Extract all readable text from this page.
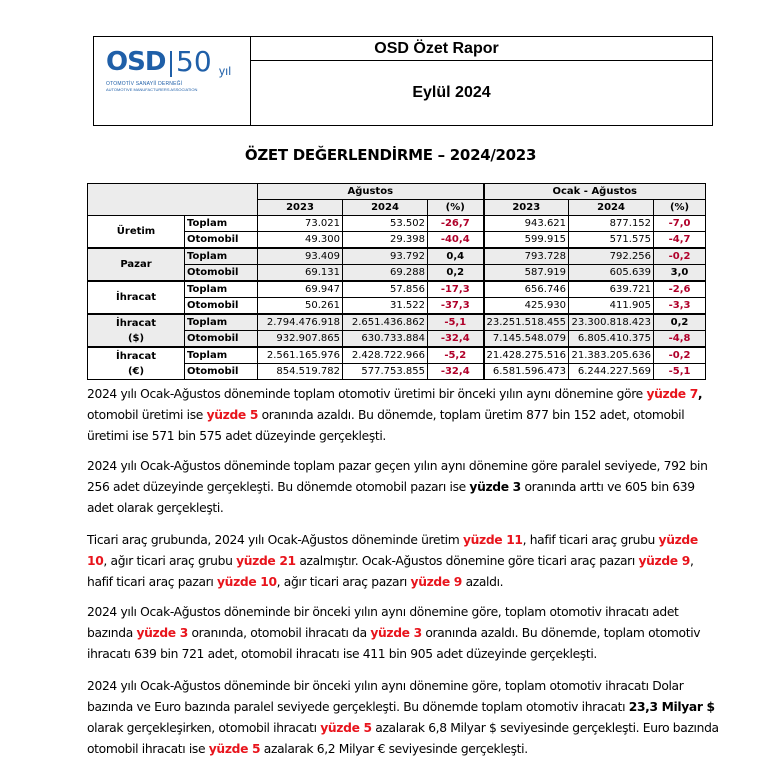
OSD 50 yıl
OTOMOTİV SANAYİİ DERNEĞİ
AUTOMOTIVE MANUFACTURERS ASSOCIATION
OSD Özet Rapor
Eylül 2024
ÖZET DEĞERLENDİRME – 2024/2023
		Ağustos			Ocak - Ağustos		
		2023	2024	(%)	2023	2024	(%)

Üretim	Toplam	73.021	53.502	-26,7	943.621	877.152	-7,0
	Otomobil	49.300	29.398	-40,4	599.915	571.575	-4,7

Pazar	Toplam	93.409	93.792	0,4	793.728	792.256	-0,2
	Otomobil	69.131	69.288	0,2	587.919	605.639	3,0

İhracat	Toplam	69.947	57.856	-17,3	656.746	639.721	-2,6
	Otomobil	50.261	31.522	-37,3	425.930	411.905	-3,3

İhracat
($)	Toplam	2.794.476.918	2.651.436.862	-5,1	23.251.518.455	23.300.818.423	0,2
	Otomobil	932.907.865	630.733.884	-32,4	7.145.548.079	6.805.410.375	-4,8

İhracat
(€)	Toplam	2.561.165.976	2.428.722.966	-5,2	21.428.275.516	21.383.205.636	-0,2
	Otomobil	854.519.782	577.753.855	-32,4	6.581.596.473	6.244.227.569	-5,1
2024 yılı Ocak-Ağustos döneminde toplam otomotiv üretimi bir önceki yılın aynı dönemine göre yüzde 7, otomobil üretimi ise yüzde 5 oranında azaldı. Bu dönemde, toplam üretim 877 bin 152 adet, otomobil üretimi ise 571 bin 575 adet düzeyinde gerçekleşti.
2024 yılı Ocak-Ağustos döneminde toplam pazar geçen yılın aynı dönemine göre paralel seviyede, 792 bin 256 adet düzeyinde gerçekleşti. Bu dönemde otomobil pazarı ise yüzde 3 oranında arttı ve 605 bin 639 adet olarak gerçekleşti.
Ticari araç grubunda, 2024 yılı Ocak-Ağustos döneminde üretim yüzde 11, hafif ticari araç grubu yüzde 10, ağır ticari araç grubu yüzde 21 azalmıştır. Ocak-Ağustos dönemine göre ticari araç pazarı yüzde 9, hafif ticari araç pazarı yüzde 10, ağır ticari araç pazarı yüzde 9 azaldı.
2024 yılı Ocak-Ağustos döneminde bir önceki yılın aynı dönemine göre, toplam otomotiv ihracatı adet bazında yüzde 3 oranında, otomobil ihracatı da yüzde 3 oranında azaldı. Bu dönemde, toplam otomotiv ihracatı 639 bin 721 adet, otomobil ihracatı ise 411 bin 905 adet düzeyinde gerçekleşti.
2024 yılı Ocak-Ağustos döneminde bir önceki yılın aynı dönemine göre, toplam otomotiv ihracatı Dolar bazında ve Euro bazında paralel seviyede gerçekleşti. Bu dönemde toplam otomotiv ihracatı 23,3 Milyar $ olarak gerçekleşirken, otomobil ihracatı yüzde 5 azalarak 6,8 Milyar $ seviyesinde gerçekleşti. Euro bazında otomobil ihracatı ise yüzde 5 azalarak 6,2 Milyar € seviyesinde gerçekleşti.
